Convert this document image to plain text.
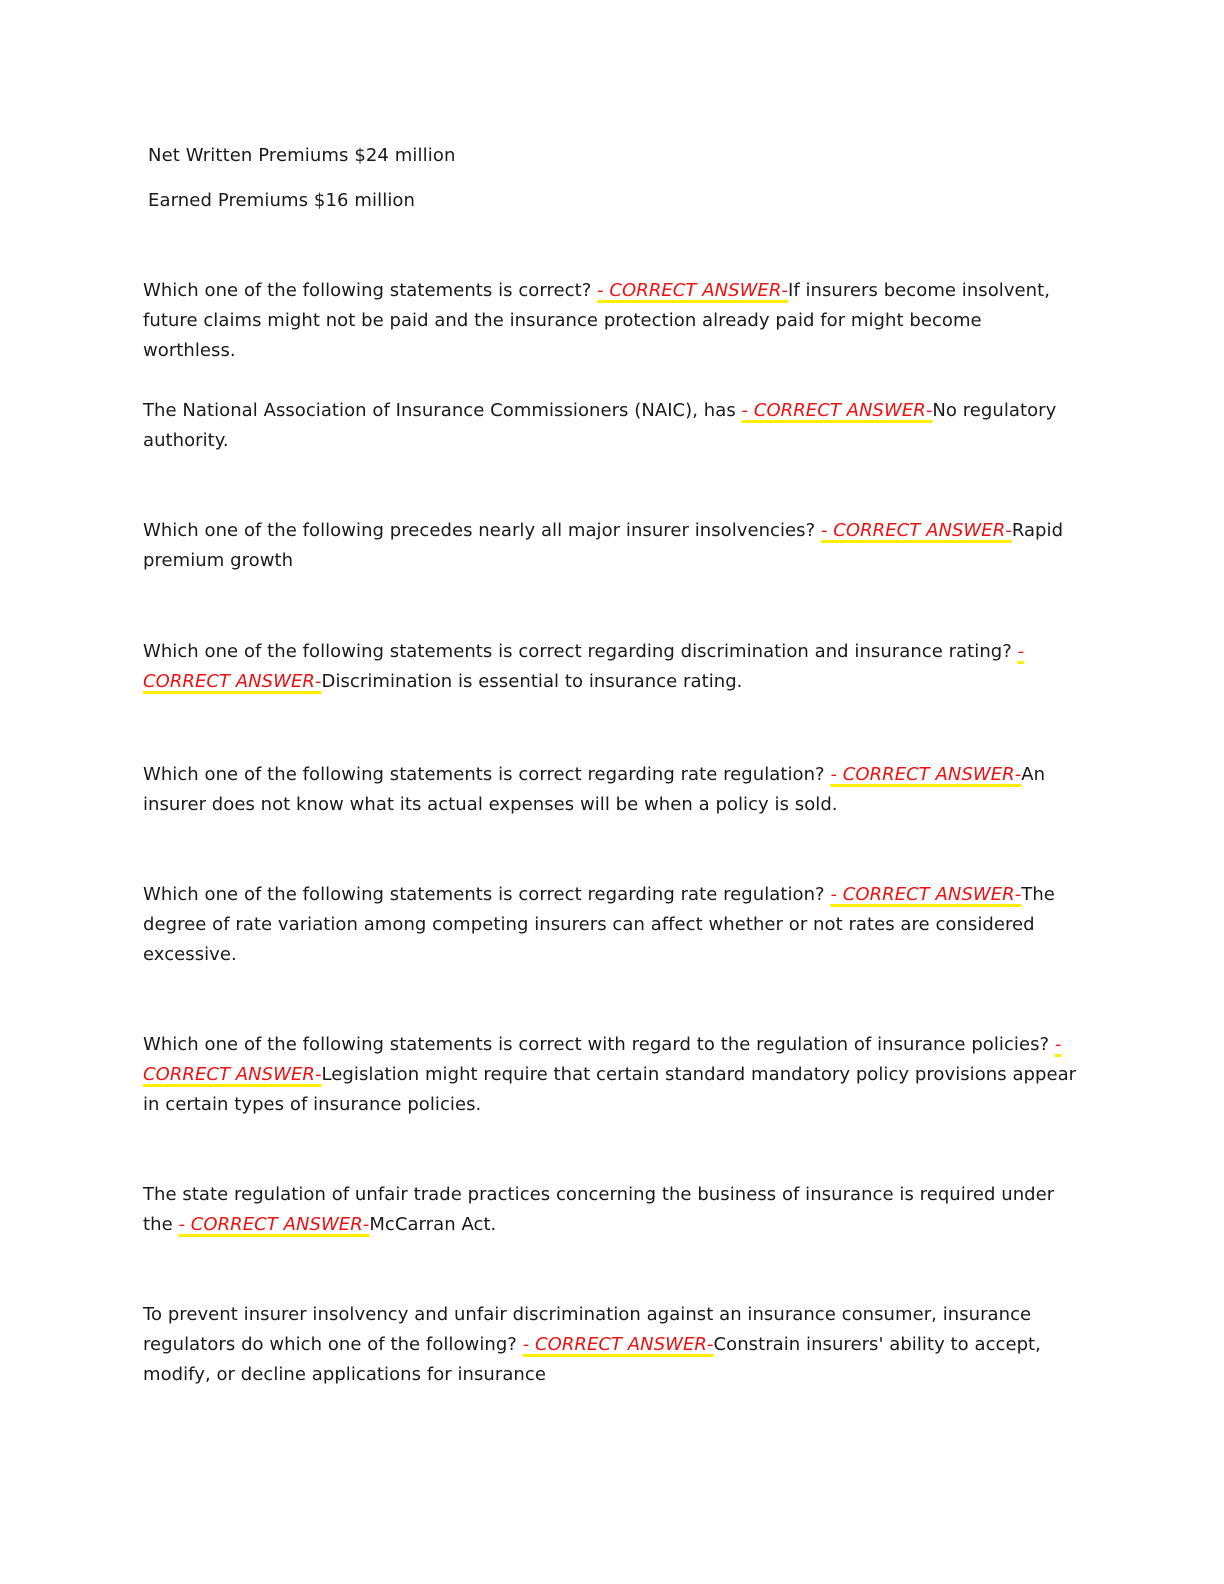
Net Written Premiums $24 million
Earned Premiums $16 million
Which one of the following statements is correct? - CORRECT ANSWER-If insurers become insolvent, future claims might not be paid and the insurance protection already paid for might become worthless.
The National Association of Insurance Commissioners (NAIC), has - CORRECT ANSWER-No regulatory authority.
Which one of the following precedes nearly all major insurer insolvencies? - CORRECT ANSWER-Rapid premium growth
Which one of the following statements is correct regarding discrimination and insurance rating? - CORRECT ANSWER-Discrimination is essential to insurance rating.
Which one of the following statements is correct regarding rate regulation? - CORRECT ANSWER-An insurer does not know what its actual expenses will be when a policy is sold.
Which one of the following statements is correct regarding rate regulation? - CORRECT ANSWER-The degree of rate variation among competing insurers can affect whether or not rates are considered excessive.
Which one of the following statements is correct with regard to the regulation of insurance policies? - CORRECT ANSWER-Legislation might require that certain standard mandatory policy provisions appear in certain types of insurance policies.
The state regulation of unfair trade practices concerning the business of insurance is required under the - CORRECT ANSWER-McCarran Act.
To prevent insurer insolvency and unfair discrimination against an insurance consumer, insurance regulators do which one of the following? - CORRECT ANSWER-Constrain insurers' ability to accept, modify, or decline applications for insurance
